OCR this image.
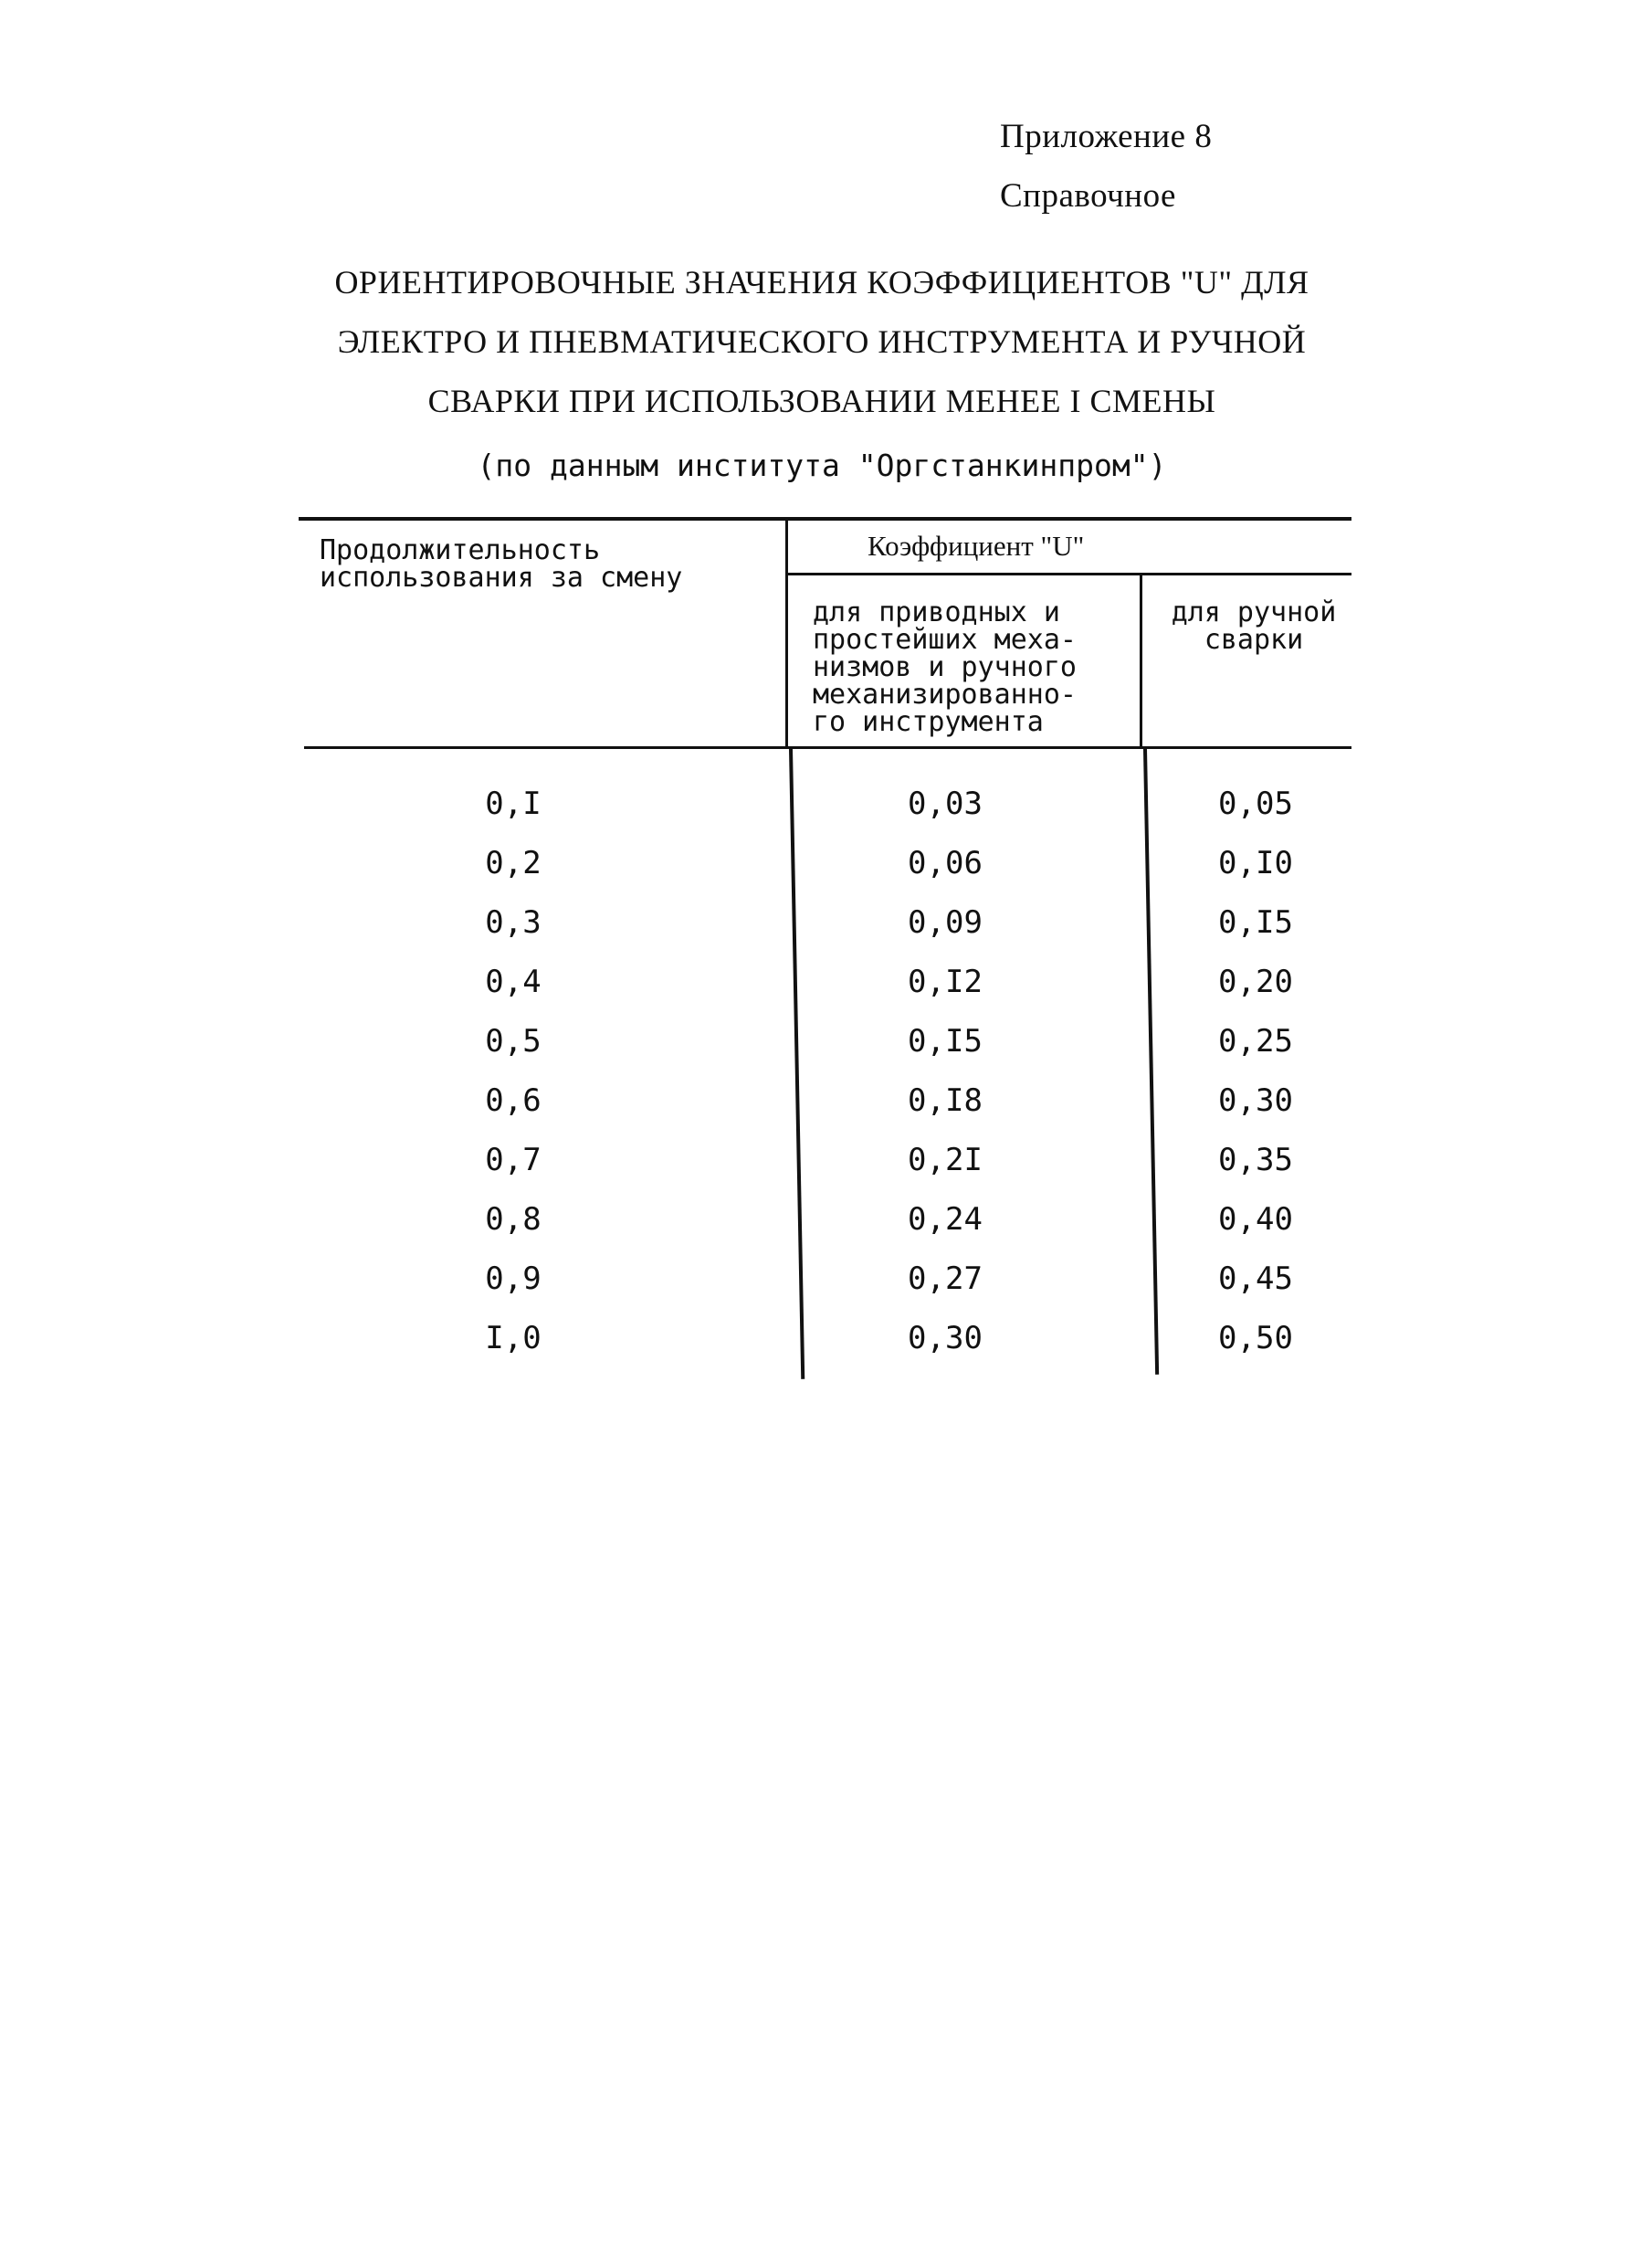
Приложение 8
Справочное
ОРИЕНТИРОВОЧНЫЕ ЗНАЧЕНИЯ КОЭФФИЦИЕНТОВ "U" ДЛЯ
ЭЛЕКТРО И ПНЕВМАТИЧЕСКОГО ИНСТРУМЕНТА И РУЧНОЙ
СВАРКИ ПРИ ИСПОЛЬЗОВАНИИ МЕНЕЕ I СМЕНЫ
(по данным института "Оргстанкинпром")
Продолжительность
использования за смену
Коэффициент "U"
для приводных и
простейших меха-
низмов и ручного
механизированно-
го инструмента
для ручной
сварки
0,I	0,03	0,05
0,2	0,06	0,I0
0,3	0,09	0,I5
0,4	0,I2	0,20
0,5	0,I5	0,25
0,6	0,I8	0,30
0,7	0,2I	0,35
0,8	0,24	0,40
0,9	0,27	0,45
I,0	0,30	0,50
